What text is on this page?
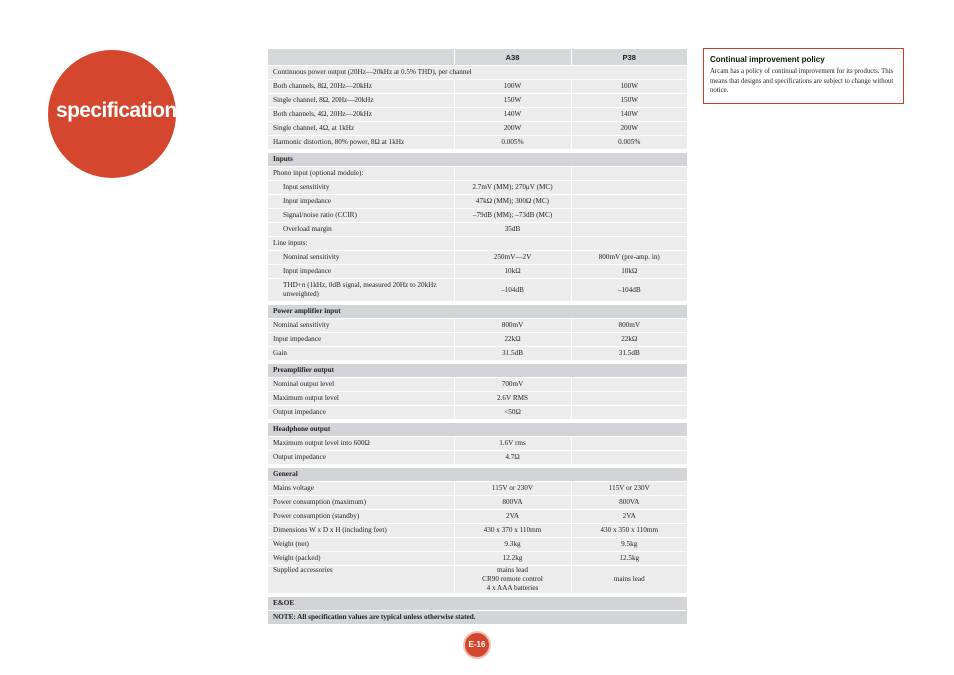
specifications
Continual improvement policy
Arcam has a policy of continual improvement for its products. This means that designs and specifications are subject to change without notice.
	A38	P38
Continuous power output (20Hz—20kHz at 0.5% THD), per channel		
Both channels, 8Ω, 20Hz—20kHz	100W	100W
Single channel, 8Ω, 20Hz—20kHz	150W	150W
Both channels, 4Ω, 20Hz—20kHz	140W	140W
Single channel, 4Ω, at 1kHz	200W	200W
Harmonic distortion, 80% power, 8Ω at 1kHz	0.005%	0.005%

Inputs		
Phono input (optional module):		
Input sensitivity	2.7mV (MM); 270μV (MC)	
Input impedance	47kΩ (MM); 300Ω (MC)	
Signal/noise ratio (CCIR)	–79dB (MM); –73dB (MC)	
Overload margin	35dB	
Line inputs:		
Nominal sensitivity	250mV—2V	800mV (pre-amp. in)
Input impedance	10kΩ	10kΩ
THD+n (1kHz, 0dB signal, measured 20Hz to 20kHz unweighted)	–104dB	–104dB

Power amplifier input		
Nominal sensitivity	800mV	800mV
Input impedance	22kΩ	22kΩ
Gain	31.5dB	31.5dB

Preamplifier output		
Nominal output level	700mV	
Maximum output level	2.6V RMS	
Output impedance	<50Ω	

Headphone output		
Maximum output level into 600Ω	1.6V rms	
Output impedance	4.7Ω	

General		
Mains voltage	115V or 230V	115V or 230V
Power consumption (maximum)	800VA	800VA
Power consumption (standby)	2VA	2VA
Dimensions W x D x H (including feet)	430 x 370 x 110mm	430 x 350 x 110mm
Weight (net)	9.3kg	9.5kg
Weight (packed)	12.2kg	12.5kg
Supplied accessories	mains lead
CR90 remote control
4 x AAA batteries	mains lead

E&OE		
NOTE: All specification values are typical unless otherwise stated.		
E-16
